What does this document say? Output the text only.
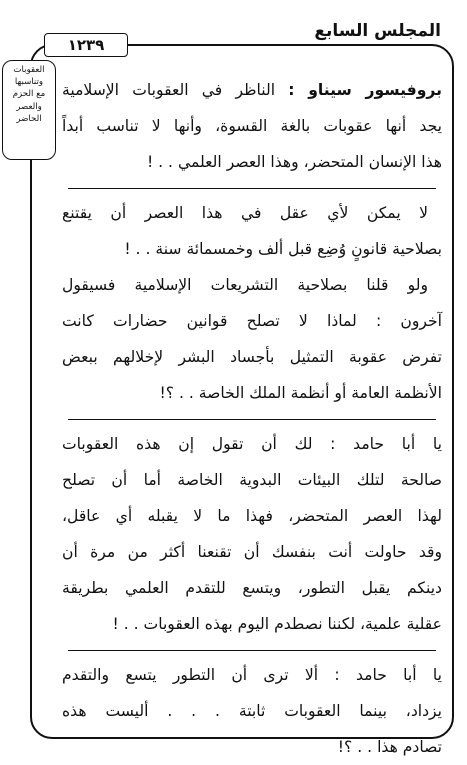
المجلس السابع
١٢٣٩
العقوبات
وتناسبها
مع الحزم
والعصر
الحاضر
بروفيسور سيناو : الناظر في العقوبات الإسلامية
يجد أنها عقوبات بالغة القسوة، وأنها لا تناسب أبداً
هذا الإنسان المتحضر، وهذا العصر العلمي . . !
لا يمكن لأي عقل في هذا العصر أن يقتنع
بصلاحية قانونٍ وُضِع قبل ألف وخمسمائة سنة . . !
ولو قلنا بصلاحية التشريعات الإسلامية فسيقول
آخرون : لماذا لا تصلح قوانين حضارات كانت
تفرض عقوبة التمثيل بأجساد البشر لإخلالهم ببعض
الأنظمة العامة أو أنظمة الملك الخاصة . . ؟!
يا أبا حامد : لك أن تقول إن هذه العقوبات
صالحة لتلك البيئات البدوية الخاصة أما أن تصلح
لهذا العصر المتحضر، فهذا ما لا يقبله أي عاقل،
وقد حاولت أنت بنفسك أن تقنعنا أكثر من مرة أن
دينكم يقبل التطور، ويتسع للتقدم العلمي بطريقة
عقلية علمية، لكننا نصطدم اليوم بهذه العقوبات . . !
يا أبا حامد : ألا ترى أن التطور يتسع والتقدم
يزداد، بينما العقوبات ثابتة . . . أليست هذه
تصادم هذا . . ؟!
